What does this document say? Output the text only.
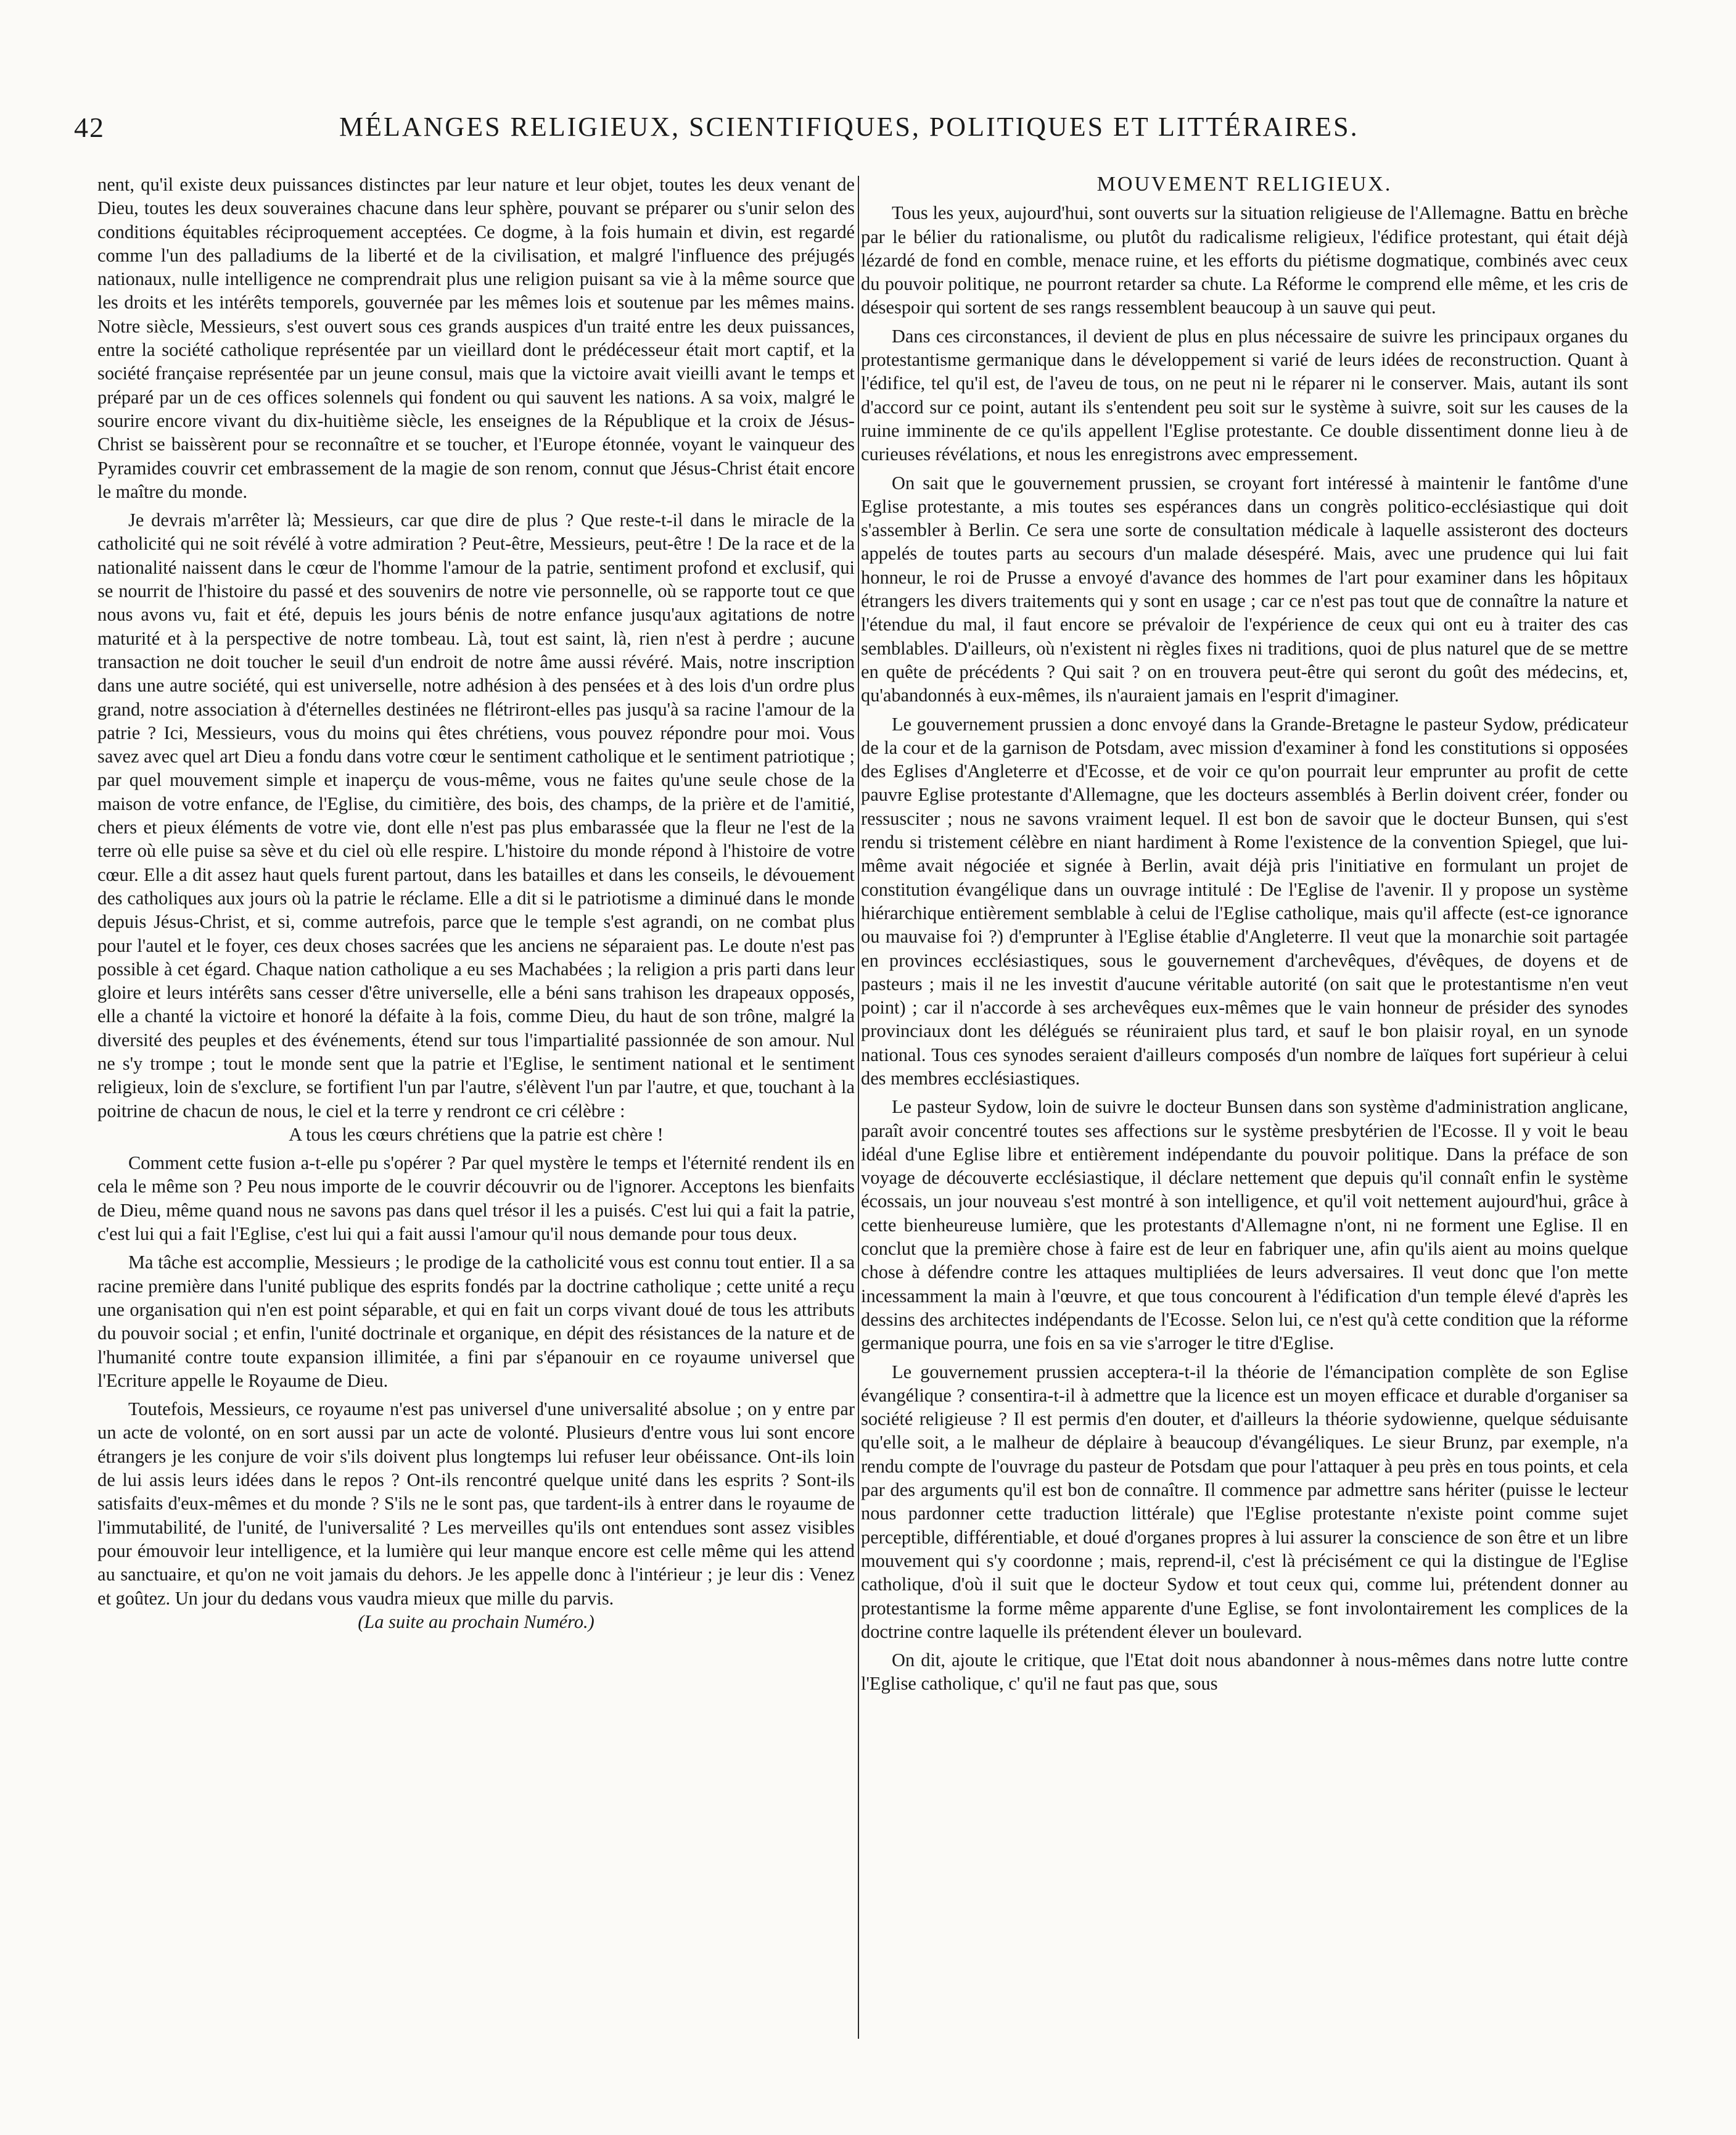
42	MÉLANGES RELIGIEUX, SCIENTIFIQUES, POLITIQUES ET LITTÉRAIRES.

nent, qu'il existe deux puissances distinctes par leur nature et leur objet, toutes les deux venant de Dieu, toutes les deux souveraines chacune dans leur sphère, pouvant se préparer ou s'unir selon des conditions équitables réciproquement acceptées. Ce dogme, à la fois humain et divin, est regardé comme l'un des palladiums de la liberté et de la civilisation, et malgré l'influence des préjugés nationaux, nulle intelligence ne comprendrait plus une religion puisant sa vie à la même source que les droits et les intérêts temporels, gouvernée par les mêmes lois et soutenue par les mêmes mains. Notre siècle, Messieurs, s'est ouvert sous ces grands auspices d'un traité entre les deux puissances, entre la société catholique représentée par un vieillard dont le prédécesseur était mort captif, et la société française représentée par un jeune consul, mais que la victoire avait vieilli avant le temps et préparé par un de ces offices solennels qui fondent ou qui sauvent les nations. A sa voix, malgré le sourire encore vivant du dix-huitième siècle, les enseignes de la République et la croix de Jésus-Christ se baissèrent pour se reconnaître et se toucher, et l'Europe étonnée, voyant le vainqueur des Pyramides couvrir cet embrassement de la magie de son renom, connut que Jésus-Christ était encore le maître du monde.

Je devrais m'arrêter là; Messieurs, car que dire de plus ? Que reste-t-il dans le miracle de la catholicité qui ne soit révélé à votre admiration ? Peut-être, Messieurs, peut-être ! De la race et de la nationalité naissent dans le cœur de l'homme l'amour de la patrie, sentiment profond et exclusif, qui se nourrit de l'histoire du passé et des souvenirs de notre vie personnelle, où se rapporte tout ce que nous avons vu, fait et été, depuis les jours bénis de notre enfance jusqu'aux agitations de notre maturité et à la perspective de notre tombeau. Là, tout est saint, là, rien n'est à perdre ; aucune transaction ne doit toucher le seuil d'un endroit de notre âme aussi révéré. Mais, notre inscription dans une autre société, qui est universelle, notre adhésion à des pensées et à des lois d'un ordre plus grand, notre association à d'éternelles destinées ne flétriront-elles pas jusqu'à sa racine l'amour de la patrie ? Ici, Messieurs, vous du moins qui êtes chrétiens, vous pouvez répondre pour moi. Vous savez avec quel art Dieu a fondu dans votre cœur le sentiment catholique et le sentiment patriotique ; par quel mouvement simple et inaperçu de vous-même, vous ne faites qu'une seule chose de la maison de votre enfance, de l'Eglise, du cimitière, des bois, des champs, de la prière et de l'amitié, chers et pieux éléments de votre vie, dont elle n'est pas plus embarassée que la fleur ne l'est de la terre où elle puise sa sève et du ciel où elle respire. L'histoire du monde répond à l'histoire de votre cœur. Elle a dit assez haut quels furent partout, dans les batailles et dans les conseils, le dévouement des catholiques aux jours où la patrie le réclame. Elle a dit si le patriotisme a diminué dans le monde depuis Jésus-Christ, et si, comme autrefois, parce que le temple s'est agrandi, on ne combat plus pour l'autel et le foyer, ces deux choses sacrées que les anciens ne séparaient pas. Le doute n'est pas possible à cet égard. Chaque nation catholique a eu ses Machabées ; la religion a pris parti dans leur gloire et leurs intérêts sans cesser d'être universelle, elle a béni sans trahison les drapeaux opposés, elle a chanté la victoire et honoré la défaite à la fois, comme Dieu, du haut de son trône, malgré la diversité des peuples et des événements, étend sur tous l'impartialité passionnée de son amour. Nul ne s'y trompe ; tout le monde sent que la patrie et l'Eglise, le sentiment national et le sentiment religieux, loin de s'exclure, se fortifient l'un par l'autre, s'élèvent l'un par l'autre, et que, touchant à la poitrine de chacun de nous, le ciel et la terre y rendront ce cri célèbre :

A tous les cœurs chrétiens que la patrie est chère !

Comment cette fusion a-t-elle pu s'opérer ? Par quel mystère le temps et l'éternité rendent ils en cela le même son ? Peu nous importe de le couvrir découvrir ou de l'ignorer. Acceptons les bienfaits de Dieu, même quand nous ne savons pas dans quel trésor il les a puisés. C'est lui qui a fait la patrie, c'est lui qui a fait l'Eglise, c'est lui qui a fait aussi l'amour qu'il nous demande pour tous deux.

Ma tâche est accomplie, Messieurs ; le prodige de la catholicité vous est connu tout entier. Il a sa racine première dans l'unité publique des esprits fondés par la doctrine catholique ; cette unité a reçu une organisation qui n'en est point séparable, et qui en fait un corps vivant doué de tous les attributs du pouvoir social ; et enfin, l'unité doctrinale et organique, en dépit des résistances de la nature et de l'humanité contre toute expansion illimitée, a fini par s'épanouir en ce royaume universel que l'Ecriture appelle le Royaume de Dieu.

Toutefois, Messieurs, ce royaume n'est pas universel d'une universalité absolue ; on y entre par un acte de volonté, on en sort aussi par un acte de volonté. Plusieurs d'entre vous lui sont encore étrangers je les conjure de voir s'ils doivent plus longtemps lui refuser leur obéissance. Ont-ils loin de lui assis leurs idées dans le repos ? Ont-ils rencontré quelque unité dans les esprits ? Sont-ils satisfaits d'eux-mêmes et du monde ? S'ils ne le sont pas, que tardent-ils à entrer dans le royaume de l'immutabilité, de l'unité, de l'universalité ? Les merveilles qu'ils ont entendues sont assez visibles pour émouvoir leur intelligence, et la lumière qui leur manque encore est celle même qui les attend au sanctuaire, et qu'on ne voit jamais du dehors. Je les appelle donc à l'intérieur ; je leur dis : Venez et goûtez. Un jour du dedans vous vaudra mieux que mille du parvis.

(La suite au prochain Numéro.)

MOUVEMENT RELIGIEUX.

Tous les yeux, aujourd'hui, sont ouverts sur la situation religieuse de l'Allemagne. Battu en brèche par le bélier du rationalisme, ou plutôt du radicalisme religieux, l'édifice protestant, qui était déjà lézardé de fond en comble, menace ruine, et les efforts du piétisme dogmatique, combinés avec ceux du pouvoir politique, ne pourront retarder sa chute. La Réforme le comprend elle même, et les cris de désespoir qui sortent de ses rangs ressemblent beaucoup à un sauve qui peut.

Dans ces circonstances, il devient de plus en plus nécessaire de suivre les principaux organes du protestantisme germanique dans le développement si varié de leurs idées de reconstruction. Quant à l'édifice, tel qu'il est, de l'aveu de tous, on ne peut ni le réparer ni le conserver. Mais, autant ils sont d'accord sur ce point, autant ils s'entendent peu soit sur le système à suivre, soit sur les causes de la ruine imminente de ce qu'ils appellent l'Eglise protestante. Ce double dissentiment donne lieu à de curieuses révélations, et nous les enregistrons avec empressement.

On sait que le gouvernement prussien, se croyant fort intéressé à maintenir le fantôme d'une Eglise protestante, a mis toutes ses espérances dans un congrès politico-ecclésiastique qui doit s'assembler à Berlin. Ce sera une sorte de consultation médicale à laquelle assisteront des docteurs appelés de toutes parts au secours d'un malade désespéré. Mais, avec une prudence qui lui fait honneur, le roi de Prusse a envoyé d'avance des hommes de l'art pour examiner dans les hôpitaux étrangers les divers traitements qui y sont en usage ; car ce n'est pas tout que de connaître la nature et l'étendue du mal, il faut encore se prévaloir de l'expérience de ceux qui ont eu à traiter des cas semblables. D'ailleurs, où n'existent ni règles fixes ni traditions, quoi de plus naturel que de se mettre en quête de précédents ? Qui sait ? on en trouvera peut-être qui seront du goût des médecins, et, qu'abandonnés à eux-mêmes, ils n'auraient jamais en l'esprit d'imaginer.

Le gouvernement prussien a donc envoyé dans la Grande-Bretagne le pasteur Sydow, prédicateur de la cour et de la garnison de Potsdam, avec mission d'examiner à fond les constitutions si opposées des Eglises d'Angleterre et d'Ecosse, et de voir ce qu'on pourrait leur emprunter au profit de cette pauvre Eglise protestante d'Allemagne, que les docteurs assemblés à Berlin doivent créer, fonder ou ressusciter ; nous ne savons vraiment lequel. Il est bon de savoir que le docteur Bunsen, qui s'est rendu si tristement célèbre en niant hardiment à Rome l'existence de la convention Spiegel, que lui-même avait négociée et signée à Berlin, avait déjà pris l'initiative en formulant un projet de constitution évangélique dans un ouvrage intitulé : De l'Eglise de l'avenir. Il y propose un système hiérarchique entièrement semblable à celui de l'Eglise catholique, mais qu'il affecte (est-ce ignorance ou mauvaise foi ?) d'emprunter à l'Eglise établie d'Angleterre. Il veut que la monarchie soit partagée en provinces ecclésiastiques, sous le gouvernement d'archevêques, d'évêques, de doyens et de pasteurs ; mais il ne les investit d'aucune véritable autorité (on sait que le protestantisme n'en veut point) ; car il n'accorde à ses archevêques eux-mêmes que le vain honneur de présider des synodes provinciaux dont les délégués se réuniraient plus tard, et sauf le bon plaisir royal, en un synode national. Tous ces synodes seraient d'ailleurs composés d'un nombre de laïques fort supérieur à celui des membres ecclésiastiques.

Le pasteur Sydow, loin de suivre le docteur Bunsen dans son système d'administration anglicane, paraît avoir concentré toutes ses affections sur le système presbytérien de l'Ecosse. Il y voit le beau idéal d'une Eglise libre et entièrement indépendante du pouvoir politique. Dans la préface de son voyage de découverte ecclésiastique, il déclare nettement que depuis qu'il connaît enfin le système écossais, un jour nouveau s'est montré à son intelligence, et qu'il voit nettement aujourd'hui, grâce à cette bienheureuse lumière, que les protestants d'Allemagne n'ont, ni ne forment une Eglise. Il en conclut que la première chose à faire est de leur en fabriquer une, afin qu'ils aient au moins quelque chose à défendre contre les attaques multipliées de leurs adversaires. Il veut donc que l'on mette incessamment la main à l'œuvre, et que tous concourent à l'édification d'un temple élevé d'après les dessins des architectes indépendants de l'Ecosse. Selon lui, ce n'est qu'à cette condition que la réforme germanique pourra, une fois en sa vie s'arroger le titre d'Eglise.

Le gouvernement prussien acceptera-t-il la théorie de l'émancipation complète de son Eglise évangélique ? consentira-t-il à admettre que la licence est un moyen efficace et durable d'organiser sa société religieuse ? Il est permis d'en douter, et d'ailleurs la théorie sydowienne, quelque séduisante qu'elle soit, a le malheur de déplaire à beaucoup d'évangéliques. Le sieur Brunz, par exemple, n'a rendu compte de l'ouvrage du pasteur de Potsdam que pour l'attaquer à peu près en tous points, et cela par des arguments qu'il est bon de connaître. Il commence par admettre sans hériter (puisse le lecteur nous pardonner cette traduction littérale) que l'Eglise protestante n'existe point comme sujet perceptible, différentiable, et doué d'organes propres à lui assurer la conscience de son être et un libre mouvement qui s'y coordonne ; mais, reprend-il, c'est là précisément ce qui la distingue de l'Eglise catholique, d'où il suit que le docteur Sydow et tout ceux qui, comme lui, prétendent donner au protestantisme la forme même apparente d'une Eglise, se font involontairement les complices de la doctrine contre laquelle ils prétendent élever un boulevard.

On dit, ajoute le critique, que l'Etat doit nous abandonner à nous-mêmes dans notre lutte contre l'Eglise catholique, c' qu'il ne faut pas que, sous
